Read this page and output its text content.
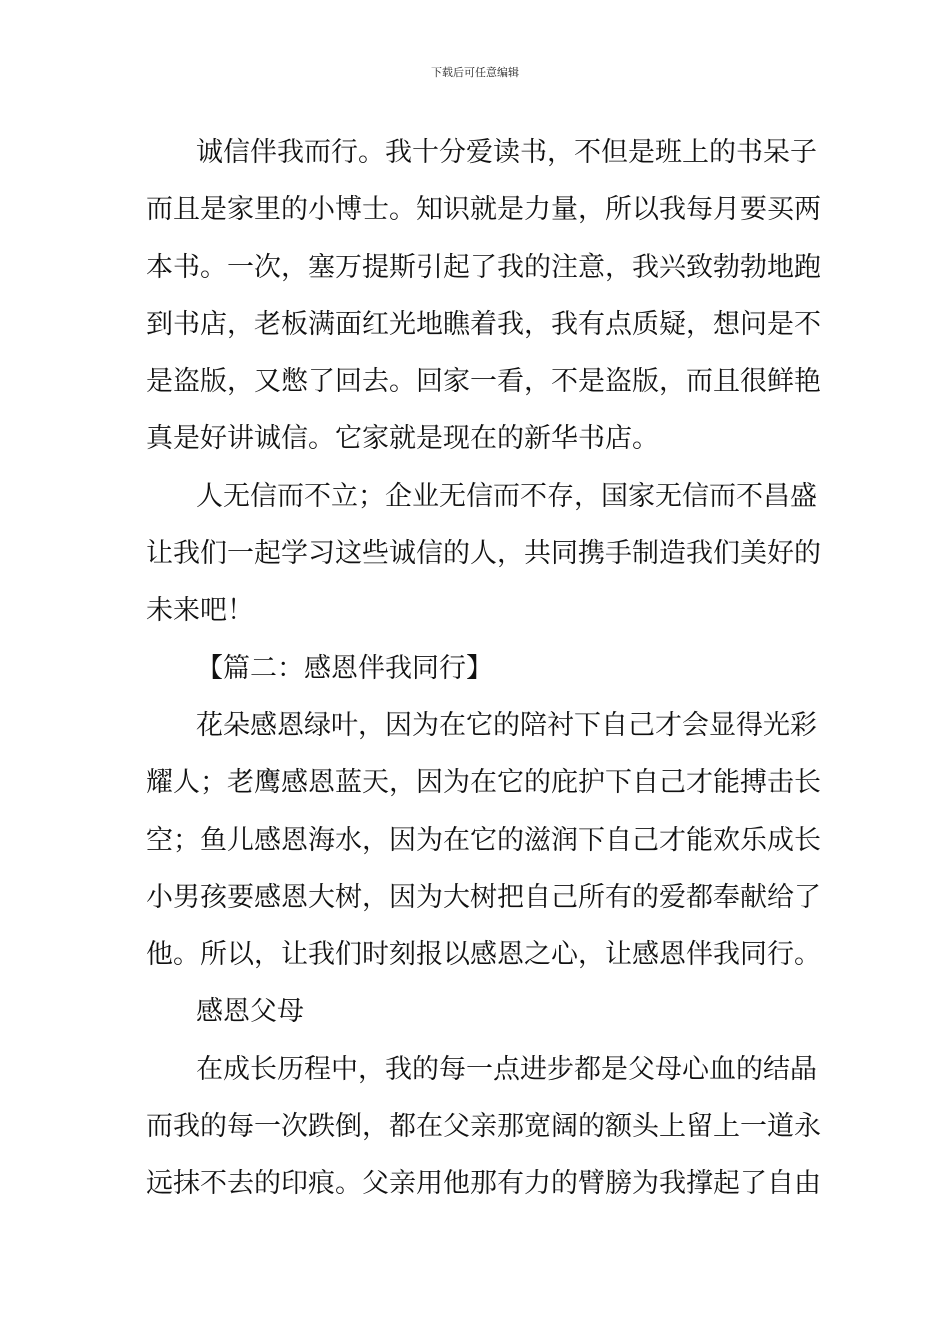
下载后可任意编辑
诚信伴我而行。我十分爱读书，不但是班上的书呆子
而且是家里的小博士。知识就是力量，所以我每月要买两
本书。一次，塞万提斯引起了我的注意，我兴致勃勃地跑
到书店，老板满面红光地瞧着我，我有点质疑，想问是不
是盗版，又憋了回去。回家一看，不是盗版，而且很鲜艳
真是好讲诚信。它家就是现在的新华书店。
人无信而不立；企业无信而不存，国家无信而不昌盛
让我们一起学习这些诚信的人，共同携手制造我们美好的
未来吧！
【篇二：感恩伴我同行】
花朵感恩绿叶，因为在它的陪衬下自己才会显得光彩
耀人；老鹰感恩蓝天，因为在它的庇护下自己才能搏击长
空；鱼儿感恩海水，因为在它的滋润下自己才能欢乐成长
小男孩要感恩大树，因为大树把自己所有的爱都奉献给了
他。所以，让我们时刻报以感恩之心，让感恩伴我同行。
感恩父母
在成长历程中，我的每一点进步都是父母心血的结晶
而我的每一次跌倒，都在父亲那宽阔的额头上留上一道永
远抹不去的印痕。父亲用他那有力的臂膀为我撑起了自由
